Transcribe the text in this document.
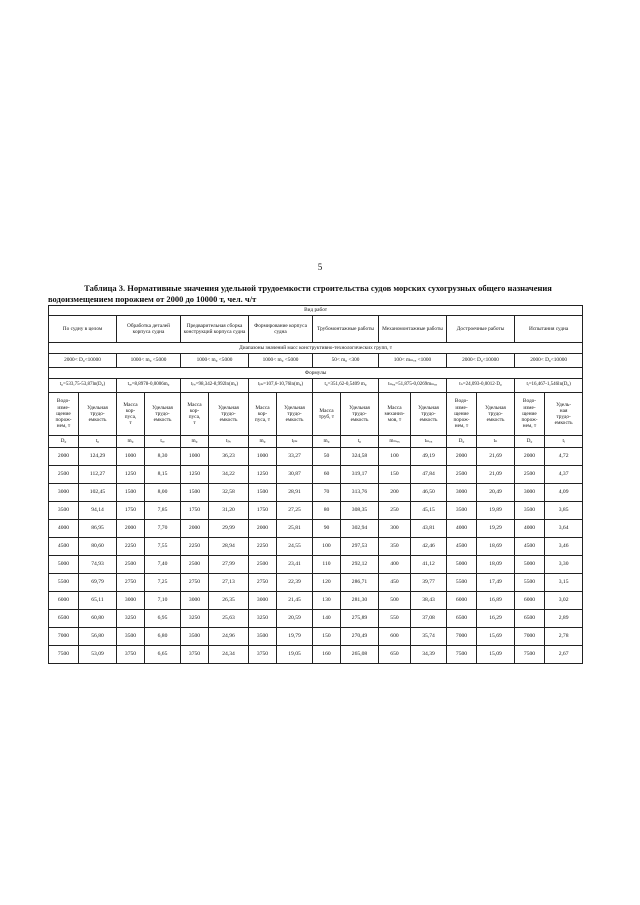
5
Таблица 3. Нормативные значения удельной трудоемкости строительства судов морских сухогрузных общего назначения
водоизмещением порожнем от 2000 до 10000 т, чел. ч/т
Вид работ															
По судну в целом		Обработка деталей корпуса судна		Предварительная сборка конструкций корпуса судна		Формирование корпуса судна		Трубомонтажные работы		Механомонтажные работы		Достроечные работы		Испытания судна	
Диапазоны значений масс конструктивно-технологических групп, т															
2000< D₀<10000		1000< m₀ <5000		1000< m₀ <5000		1000< m₀ <5000		50< m₀ <300		100< mₘₑₓ <1000		2000< D₀<10000		2000< D₀<10000	
Формулы															
t₀=533,75-53,87ln(D₀)		tₒₑ=8,8978-0,0006m₀		tₚₑ=98,342-8,992ln(m₀)		tₚₖ=107,6-10,76ln(m₀)		t₀=351,62-0,5409 m₀		tₘₑₓ=51,875-0,0269mₘₑₓ		tₙ=24,093-0,0012·D₀		tᵢ=16,467-1,546ln(D₀)	
Водо-
изме-
щение
порож-
нем, т	Удельная
трудо-
емкость	Масса
кор-
пуса,
т	Удельная
трудо-
емкость	Масса
кор-
пуса,
т	Удельная
трудо-
емкость	Масса
кор-
пуса, т	Удельная
трудо-
емкость	Масса
труб, т	Удельная
трудо-
емкость	Масса
механиз-
мов, т	Удельная
трудо-
емкость	Водо-
изме-
щение
порож-
нем, т	Удельная
трудо-
емкость	Водо-
изме-
щение
порож-
нем, т	Удель-
ная
трудо-
емкость
D₀	t₀	m₀	tₒₑ	m₀	tₚₑ	m₀	tₚₖ	m₀	t₀	mₘₑₓ	tₘₑₓ	D₀	tₙ	D₀	tᵢ
2000	124,29	1000	8,30	1000	36,23	1000	33,27	50	324,58	100	49,19	2000	21,69	2000	4,72
2500	112,27	1250	8,15	1250	34,22	1250	30,87	60	319,17	150	47,84	2500	21,09	2500	4,37
3000	102,45	1500	8,00	1500	32,58	1500	28,91	70	313,76	200	46,50	3000	20,49	3000	4,09
3500	94,14	1750	7,85	1750	31,20	1750	27,25	80	308,35	250	45,15	3500	19,89	3500	3,85
4000	86,95	2000	7,70	2000	29,99	2000	25,81	90	302,94	300	43,81	4000	19,29	4000	3,64
4500	80,60	2250	7,55	2250	28,94	2250	24,55	100	297,53	350	42,46	4500	18,69	4500	3,46
5000	74,93	2500	7,40	2500	27,99	2500	23,41	110	292,12	400	41,12	5000	18,09	5000	3,30
5500	69,79	2750	7,25	2750	27,13	2750	22,39	120	286,71	450	39,77	5500	17,49	5500	3,15
6000	65,11	3000	7,10	3000	26,35	3000	21,45	130	281,30	500	38,43	6000	16,89	6000	3,02
6500	60,80	3250	6,95	3250	25,63	3250	20,59	140	275,89	550	37,08	6500	16,29	6500	2,89
7000	56,80	3500	6,80	3500	24,96	3500	19,79	150	270,49	600	35,74	7000	15,69	7000	2,78
7500	53,09	3750	6,65	3750	24,34	3750	19,05	160	265,08	650	34,39	7500	15,09	7500	2,67
